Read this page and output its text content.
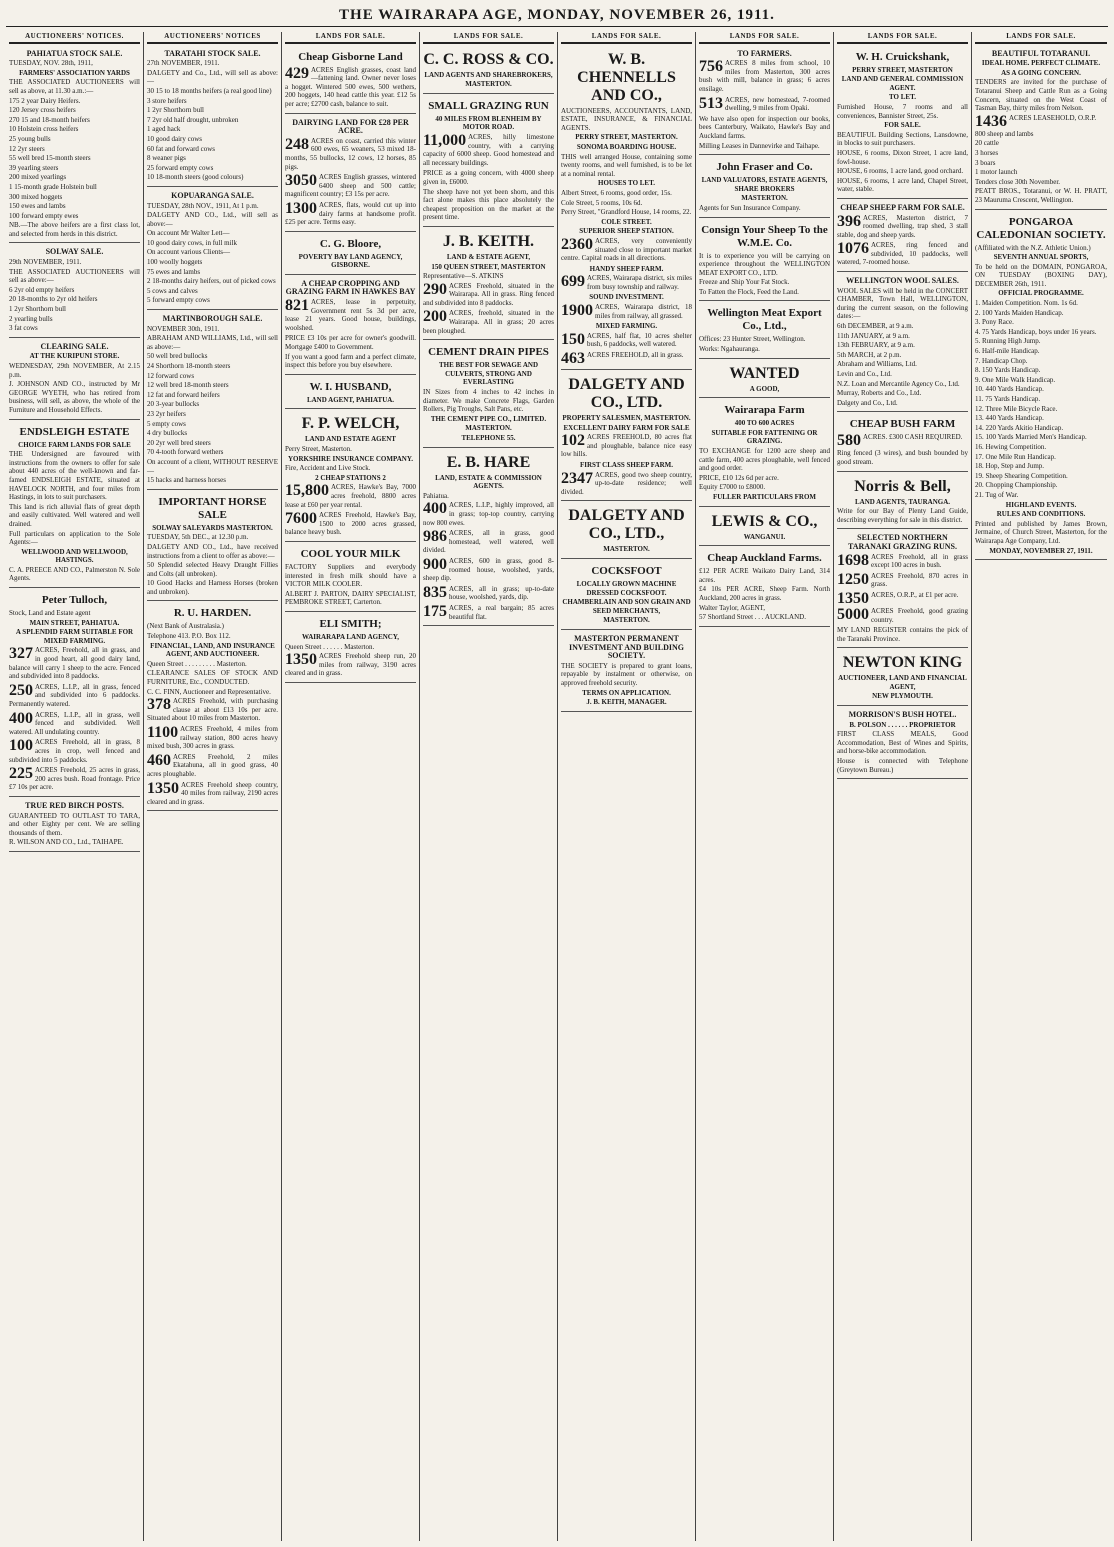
THE WAIRARAPA AGE, MONDAY, NOVEMBER 26, 1911.
AUCTIONEERS' NOTICES.
PAHIATUA STOCK SALE.
TUESDAY, NOV. 28th, 1911,
FARMERS' ASSOCIATION YARDS
THE ASSOCIATED AUCTIONEERS will sell as above, at 11.30 a.m.:—
175 2 year Dairy Heifers.
120 Jersey cross heifers
270 15 and 18-month heifers
10 Holstein cross heifers
25 young bulls
12 2yr steers
55 well bred 15-month steers
39 yearling steers
200 mixed yearlings
1 15-month grade Holstein bull
300 mixed hoggets
150 ewes and lambs
100 forward empty ewes
NB.—The above heifers are a first class lot, and selected from herds in this district.
SOLWAY SALE.
29th NOVEMBER, 1911.
THE ASSOCIATED AUCTIONEERS will sell as above:—
6 2yr old empty heifers
20 18-months to 2yr old heifers
1 2yr Shorthorn bull
2 yearling bulls
3 fat cows
CLEARING SALE.
AT THE KURIPUNI STORE.
WEDNESDAY, 29th NOVEMBER, At 2.15 p.m.
J. JOHNSON AND CO., instructed by Mr GEORGE WYETH, who has retired from business, will sell, as above, the whole of the Furniture and Household Effects.
ENDSLEIGH ESTATE
CHOICE FARM LANDS FOR SALE
THE Undersigned are favoured with instructions from the owners to offer for sale about 440 acres of the well-known and far-famed ENDSLEIGH ESTATE, situated at HAVELOCK NORTH, and four miles from Hastings, in lots to suit purchasers.
This land is rich alluvial flats of great depth and easily cultivated. Well watered and well drained.
Full particulars on application to the Sole Agents:—
WELLWOOD AND WELLWOOD, HASTINGS.
C. A. PREECE AND CO., Palmerston N. Sole Agents.
Peter Tulloch,
Stock, Land and Estate agent
MAIN STREET, PAHIATUA.
A SPLENDID FARM SUITABLE FOR MIXED FARMING.
327 ACRES, Freehold, all in grass, and in good heart, all good dairy land, balance will carry 1 sheep to the acre. Fenced and subdivided into 8 paddocks.
250 ACRES, L.I.P., all in grass, fenced and subdivided into 6 paddocks. Permanently watered.
400 ACRES, L.I.P., all in grass, well fenced and subdivided. Well watered. All undulating country.
100 ACRES Freehold, all in grass, 8 acres in crop, well fenced and subdivided into 5 paddocks.
225 ACRES Freehold, 25 acres in grass, 200 acres bush. Road frontage. Price £7 10s per acre.
TRUE RED BIRCH POSTS.
GUARANTEED TO OUTLAST TO TARA, and other Eighty per cent. We are selling thousands of them.
R. WILSON AND CO., Ltd., TAIHAPE.
AUCTIONEERS' NOTICES
TARATAHI STOCK SALE.
27th NOVEMBER, 1911.
DALGETY and Co., Ltd., will sell as above:—
30 15 to 18 months heifers (a real good line)
3 store heifers
1 2yr Shorthorn bull
7 2yr old half drought, unbroken
1 aged hack
10 good dairy cows
60 fat and forward cows
8 weaner pigs
25 forward empty cows
10 18-month steers (good colours)
KOPUARANGA SALE.
TUESDAY, 28th NOV., 1911, At 1 p.m.
DALGETY AND CO., Ltd., will sell as above:—
On account Mr Walter Lett—
10 good dairy cows, in full milk
On account various Clients—
100 woolly hoggets
75 ewes and lambs
2 18-months dairy heifers, out of picked cows
5 cows and calves
5 forward empty cows
MARTINBOROUGH SALE.
NOVEMBER 30th, 1911.
ABRAHAM AND WILLIAMS, Ltd., will sell as above:—
50 well bred bullocks
24 Shorthorn 18-month steers
12 forward cows
12 well bred 18-month steers
12 fat and forward heifers
20 3-year bullocks
23 2yr heifers
5 empty cows
4 dry bullocks
20 2yr well bred steers
70 4-tooth forward wethers
On account of a client, WITHOUT RESERVE—
15 hacks and harness horses
IMPORTANT HORSE SALE
SOLWAY SALEYARDS MASTERTON.
TUESDAY, 5th DEC., at 12.30 p.m.
DALGETY AND CO., Ltd., have received instructions from a client to offer as above:—
50 Splendid selected Heavy Draught Fillies and Colts (all unbroken).
10 Good Hacks and Harness Horses (broken and unbroken).
R. U. HARDEN.
(Next Bank of Australasia.)
Telephone 413. P.O. Box 112.
FINANCIAL, LAND, AND INSURANCE AGENT, AND AUCTIONEER.
Queen Street . . . . . . . . . Masterton.
CLEARANCE SALES OF STOCK AND FURNITURE, Etc., CONDUCTED.
C. C. FINN, Auctioneer and Representative.
378 ACRES Freehold, with purchasing clause at about £13 10s per acre. Situated about 10 miles from Masterton.
1100 ACRES Freehold, 4 miles from railway station, 800 acres heavy mixed bush, 300 acres in grass.
460 ACRES Freehold, 2 miles Ekatahuna, all in good grass, 40 acres ploughable.
1350 ACRES Freehold sheep country, 40 miles from railway, 2190 acres cleared and in grass.
LANDS FOR SALE.
Cheap Gisborne Land
429 ACRES English grasses, coast land—fattening land. Owner never loses a hogget. Wintered 500 ewes, 500 wethers, 200 hoggets, 140 head cattle this year. £12 5s per acre; £2700 cash, balance to suit.
DAIRYING LAND FOR £28 PER ACRE.
248 ACRES on coast, carried this winter 600 ewes, 65 weaners, 53 mixed 18-months, 55 bullocks, 12 cows, 12 horses, 85 pigs.
3050 ACRES English grasses, wintered 6400 sheep and 500 cattle; magnificent country; £3 15s per acre.
1300 ACRES, flats, would cut up into dairy farms at handsome profit. £25 per acre. Terms easy.
C. G. Bloore,
POVERTY BAY LAND AGENCY, GISBORNE.
A CHEAP CROPPING AND GRAZING FARM IN HAWKES BAY
821 ACRES, lease in perpetuity, Government rent 5s 3d per acre, lease 21 years. Good house, buildings, woolshed.
PRICE £3 10s per acre for owner's goodwill. Mortgage £400 to Government.
If you want a good farm and a perfect climate, inspect this before you buy elsewhere.
W. I. HUSBAND,
LAND AGENT, PAHIATUA.
F. P. WELCH,
LAND AND ESTATE AGENT
Perry Street, Masterton.
YORKSHIRE INSURANCE COMPANY.
Fire, Accident and Live Stock.
2 CHEAP STATIONS 2
15,800 ACRES, Hawke's Bay, 7000 acres freehold, 8800 acres lease at £60 per year rental.
7600 ACRES Freehold, Hawke's Bay, 1500 to 2000 acres grassed, balance heavy bush.
COOL YOUR MILK
FACTORY Suppliers and everybody interested in fresh milk should have a VICTOR MILK COOLER.
ALBERT J. PARTON, DAIRY SPECIALIST, PEMBROKE STREET, Carterton.
ELI SMITH;
WAIRARAPA LAND AGENCY,
Queen Street . . . . . . Masterton.
1350 ACRES Freehold sheep run, 20 miles from railway, 3190 acres cleared and in grass.
LANDS FOR SALE.
C. C. ROSS & CO.
LAND AGENTS AND SHAREBROKERS,
MASTERTON.
SMALL GRAZING RUN
40 MILES FROM BLENHEIM BY MOTOR ROAD.
11,000 ACRES, hilly limestone country, with a carrying capacity of 6000 sheep. Good homestead and all necessary buildings.
PRICE as a going concern, with 4000 sheep given in, £6000.
The sheep have not yet been shorn, and this fact alone makes this place absolutely the cheapest proposition on the market at the present time.
J. B. KEITH.
LAND & ESTATE AGENT,
150 QUEEN STREET, MASTERTON
Representative—S. ATKINS
290 ACRES Freehold, situated in the Wairarapa. All in grass. Ring fenced and subdivided into 8 paddocks.
200 ACRES, freehold, situated in the Wairarapa. All in grass; 20 acres been ploughed.
CEMENT DRAIN PIPES
THE BEST FOR SEWAGE AND CULVERTS, STRONG AND EVERLASTING
IN Sizes from 4 inches to 42 inches in diameter. We make Concrete Flags, Garden Rollers, Pig Troughs, Salt Pans, etc.
THE CEMENT PIPE CO., LIMITED.
MASTERTON.
TELEPHONE 55.
E. B. HARE
LAND, ESTATE & COMMISSION AGENTS.
Pahiatua.
400 ACRES, L.I.P., highly improved, all in grass; top-top country, carrying now 800 ewes.
986 ACRES, all in grass, good homestead, well watered, well divided.
900 ACRES, 600 in grass, good 8-roomed house, woolshed, yards, sheep dip.
835 ACRES, all in grass; up-to-date house, woolshed, yards, dip.
175 ACRES, a real bargain; 85 acres beautiful flat.
LANDS FOR SALE.
W. B. CHENNELLS AND CO.,
AUCTIONEERS, ACCOUNTANTS, LAND, ESTATE, INSURANCE, & FINANCIAL AGENTS.
PERRY STREET, MASTERTON.
SONOMA BOARDING HOUSE.
THIS well arranged House, containing some twenty rooms, and well furnished, is to be let at a nominal rental.
HOUSES TO LET.
Albert Street, 6 rooms, good order, 15s.
Cole Street, 5 rooms, 10s 6d.
Perry Street, "Grandford House, 14 rooms, 22.
COLE STREET.
SUPERIOR SHEEP STATION.
2360 ACRES, very conveniently situated close to important market centre. Capital roads in all directions.
HANDY SHEEP FARM.
699 ACRES, Wairarapa district, six miles from busy township and railway.
SOUND INVESTMENT.
1900 ACRES, Wairarapa district, 18 miles from railway, all grassed.
MIXED FARMING.
150 ACRES, half flat, 10 acres shelter bush, 6 paddocks, well watered.
463 ACRES FREEHOLD, all in grass.
DALGETY AND CO., LTD.
PROPERTY SALESMEN, MASTERTON.
EXCELLENT DAIRY FARM FOR SALE
102 ACRES FREEHOLD, 80 acres flat and ploughable, balance nice easy low hills.
FIRST CLASS SHEEP FARM.
2347 ACRES, good two sheep country, up-to-date residence; well divided.
DALGETY AND CO., LTD.,
MASTERTON.
COCKSFOOT
LOCALLY GROWN MACHINE DRESSED COCKSFOOT.
CHAMBERLAIN AND SON GRAIN AND SEED MERCHANTS,
MASTERTON.
MASTERTON PERMANENT INVESTMENT AND BUILDING SOCIETY.
THE SOCIETY is prepared to grant loans, repayable by instalment or otherwise, on approved freehold security.
TERMS ON APPLICATION.
J. B. KEITH, MANAGER.
LANDS FOR SALE.
TO FARMERS.
756 ACRES 8 miles from school, 10 miles from Masterton, 300 acres bush with mill, balance in grass; 6 acres ensilage.
513 ACRES, new homestead, 7-roomed dwelling, 9 miles from Opaki.
We have also open for inspection our books, bees Canterbury, Waikato, Hawke's Bay and Auckland farms.
Milling Leases in Dannevirke and Taihape.
John Fraser and Co.
LAND VALUATORS, ESTATE AGENTS, SHARE BROKERS
MASTERTON.
Agents for Sun Insurance Company.
Consign Your Sheep To the W.M.E. Co.
It is to experience you will be carrying on experience throughout the WELLINGTON MEAT EXPORT CO., LTD.
Freeze and Ship Your Fat Stock.
To Fatten the Flock, Feed the Land.
Wellington Meat Export Co., Ltd.,
Offices: 23 Hunter Street, Wellington.
Works: Ngahauranga.
WANTED
A GOOD,
Wairarapa Farm
400 TO 600 ACRES
SUITABLE FOR FATTENING OR GRAZING.
TO EXCHANGE for 1200 acre sheep and cattle farm, 400 acres ploughable, well fenced and good order.
PRICE, £10 12s 6d per acre.
Equity £7000 to £8000.
FULLER PARTICULARS FROM
LEWIS & CO.,
WANGANUI.
Cheap Auckland Farms.
£12 PER ACRE Waikato Dairy Land, 314 acres.
£4 10s PER ACRE, Sheep Farm. North Auckland, 200 acres in grass.
Walter Taylor, AGENT,
57 Shortland Street . . . AUCKLAND.
LANDS FOR SALE.
W. H. Cruickshank,
PERRY STREET, MASTERTON
LAND AND GENERAL COMMISSION AGENT.
TO LET.
Furnished House, 7 rooms and all conveniences, Bannister Street, 25s.
FOR SALE.
BEAUTIFUL Building Sections, Lansdowne, in blocks to suit purchasers.
HOUSE, 6 rooms, Dixon Street, 1 acre land, fowl-house.
HOUSE, 6 rooms, 1 acre land, good orchard.
HOUSE, 6 rooms, 1 acre land, Chapel Street, water, stable.
CHEAP SHEEP FARM FOR SALE.
396 ACRES, Masterton district, 7 roomed dwelling, trap shed, 3 stall stable, dog and sheep yards.
1076 ACRES, ring fenced and subdivided, 10 paddocks, well watered, 7-roomed house.
WELLINGTON WOOL SALES.
WOOL SALES will be held in the CONCERT CHAMBER, Town Hall, WELLINGTON, during the current season, on the following dates:—
6th DECEMBER, at 9 a.m.
11th JANUARY, at 9 a.m.
13th FEBRUARY, at 9 a.m.
5th MARCH, at 2 p.m.
Abraham and Williams, Ltd.
Levin and Co., Ltd.
N.Z. Loan and Mercantile Agency Co., Ltd.
Murray, Roberts and Co., Ltd.
Dalgety and Co., Ltd.
CHEAP BUSH FARM
580 ACRES. £300 CASH REQUIRED.
Ring fenced (3 wires), and bush bounded by good stream.
Norris & Bell,
LAND AGENTS, TAURANGA.
Write for our Bay of Plenty Land Guide, describing everything for sale in this district.
SELECTED NORTHERN TARANAKI GRAZING RUNS.
1698 ACRES Freehold, all in grass except 100 acres in bush.
1250 ACRES Freehold, 870 acres in grass.
1350 ACRES, O.R.P., at £1 per acre.
5000 ACRES Freehold, good grazing country.
MY LAND REGISTER contains the pick of the Taranaki Province.
NEWTON KING
AUCTIONEER, LAND AND FINANCIAL AGENT,
NEW PLYMOUTH.
MORRISON'S BUSH HOTEL.
B. POLSON . . . . . . PROPRIETOR
FIRST CLASS MEALS, Good Accommodation, Best of Wines and Spirits, and horse-bike accommodation.
House is connected with Telephone (Greytown Bureau.)
LANDS FOR SALE.
BEAUTIFUL TOTARANUI.
IDEAL HOME. PERFECT CLIMATE.
AS A GOING CONCERN.
TENDERS are invited for the purchase of Totaranui Sheep and Cattle Run as a Going Concern, situated on the West Coast of Tasman Bay, thirty miles from Nelson.
1436 ACRES LEASEHOLD, O.R.P.
800 sheep and lambs
20 cattle
3 horses
3 boars
1 motor launch
Tenders close 30th November.
PEATT BROS., Totaranui, or W. H. PRATT, 23 Mauruma Crescent, Wellington.
PONGAROA CALEDONIAN SOCIETY.
(Affiliated with the N.Z. Athletic Union.)
SEVENTH ANNUAL SPORTS,
To be held on the DOMAIN, PONGAROA, ON TUESDAY (BOXING DAY), DECEMBER 26th, 1911.
OFFICIAL PROGRAMME.
1. Maiden Competition. Nom. 1s 6d.
2. 100 Yards Maiden Handicap.
3. Pony Race.
4. 75 Yards Handicap, boys under 16 years.
5. Running High Jump.
6. Half-mile Handicap.
7. Handicap Chop.
8. 150 Yards Handicap.
9. One Mile Walk Handicap.
10. 440 Yards Handicap.
11. 75 Yards Handicap.
12. Three Mile Bicycle Race.
13. 440 Yards Handicap.
14. 220 Yards Akitio Handicap.
15. 100 Yards Married Men's Handicap.
16. Hewing Competition.
17. One Mile Run Handicap.
18. Hop, Step and Jump.
19. Sheep Shearing Competition.
20. Chopping Championship.
21. Tug of War.
HIGHLAND EVENTS.
RULES AND CONDITIONS.
Printed and published by James Brown, Jermaine, of Church Street, Masterton, for the Wairarapa Age Company, Ltd.
MONDAY, NOVEMBER 27, 1911.
